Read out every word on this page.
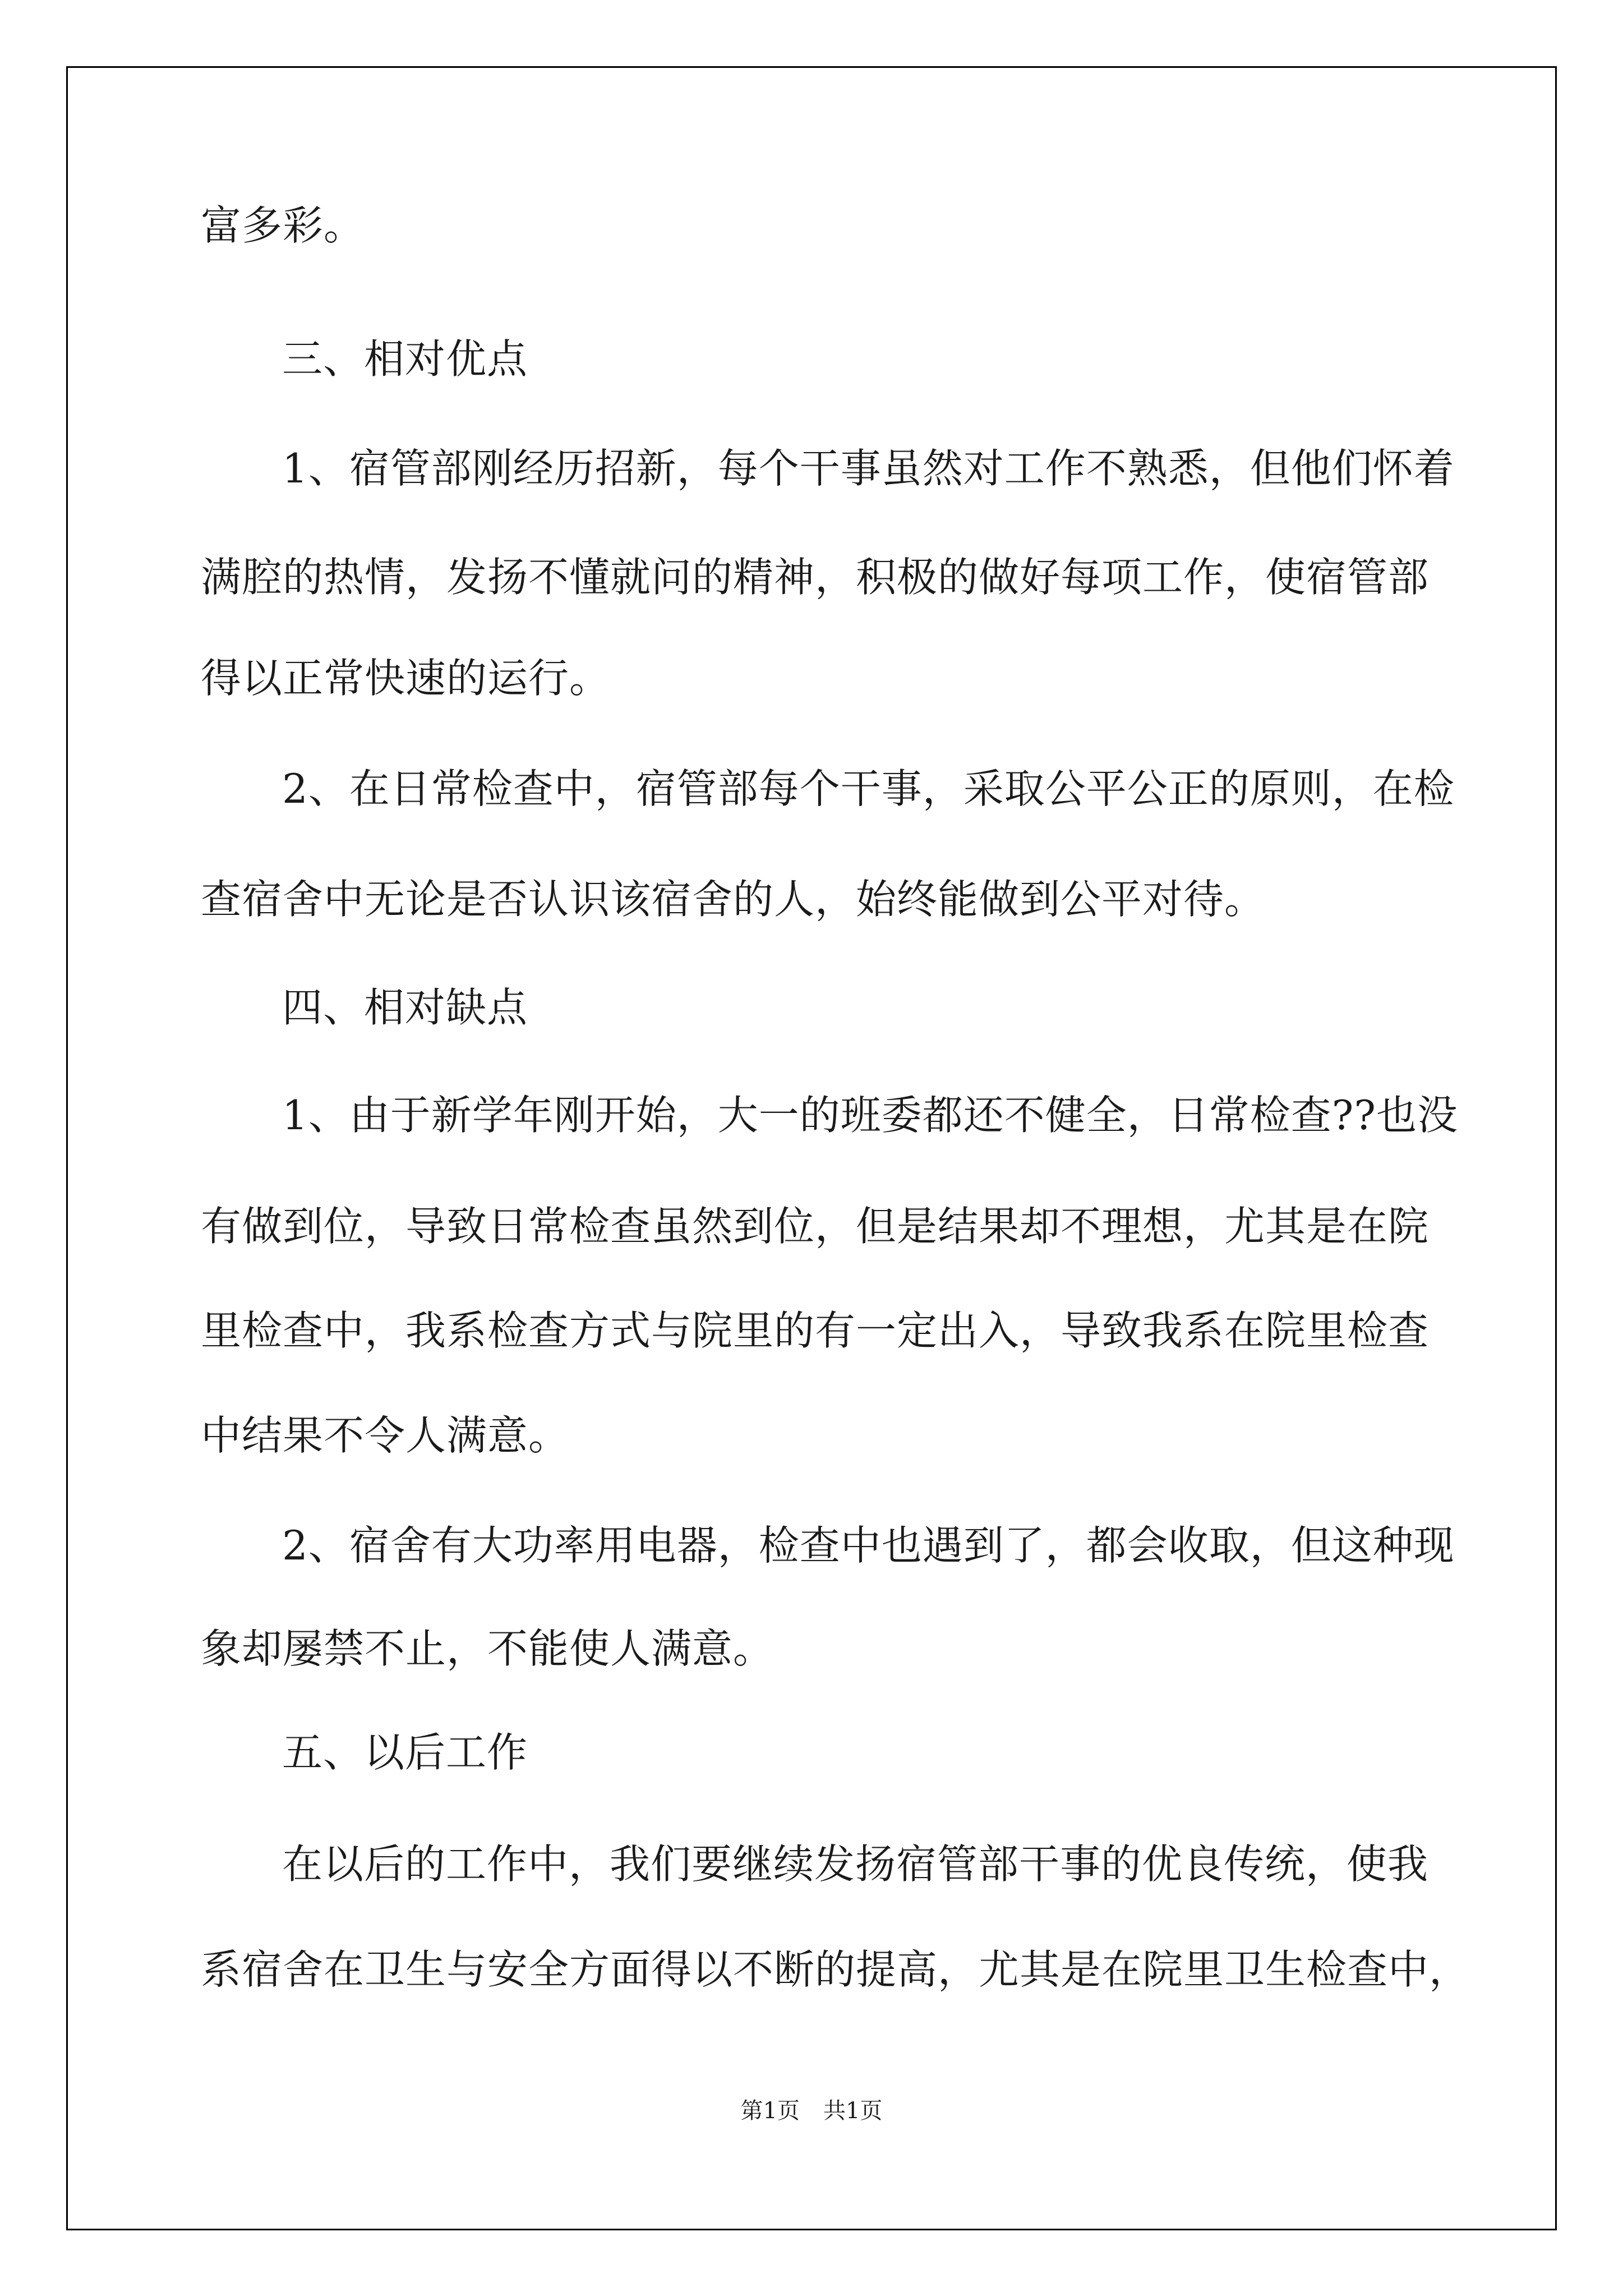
富多彩。
三、相对优点
1、宿管部刚经历招新，每个干事虽然对工作不熟悉，但他们怀着
满腔的热情，发扬不懂就问的精神，积极的做好每项工作，使宿管部
得以正常快速的运行。
2、在日常检查中，宿管部每个干事，采取公平公正的原则，在检
查宿舍中无论是否认识该宿舍的人，始终能做到公平对待。
四、相对缺点
1、由于新学年刚开始，大一的班委都还不健全，日常检查??也没
有做到位，导致日常检查虽然到位，但是结果却不理想，尤其是在院
里检查中，我系检查方式与院里的有一定出入，导致我系在院里检查
中结果不令人满意。
2、宿舍有大功率用电器，检查中也遇到了，都会收取，但这种现
象却屡禁不止，不能使人满意。
五、以后工作
在以后的工作中，我们要继续发扬宿管部干事的优良传统，使我
系宿舍在卫生与安全方面得以不断的提高，尤其是在院里卫生检查中，
第1页 共1页
